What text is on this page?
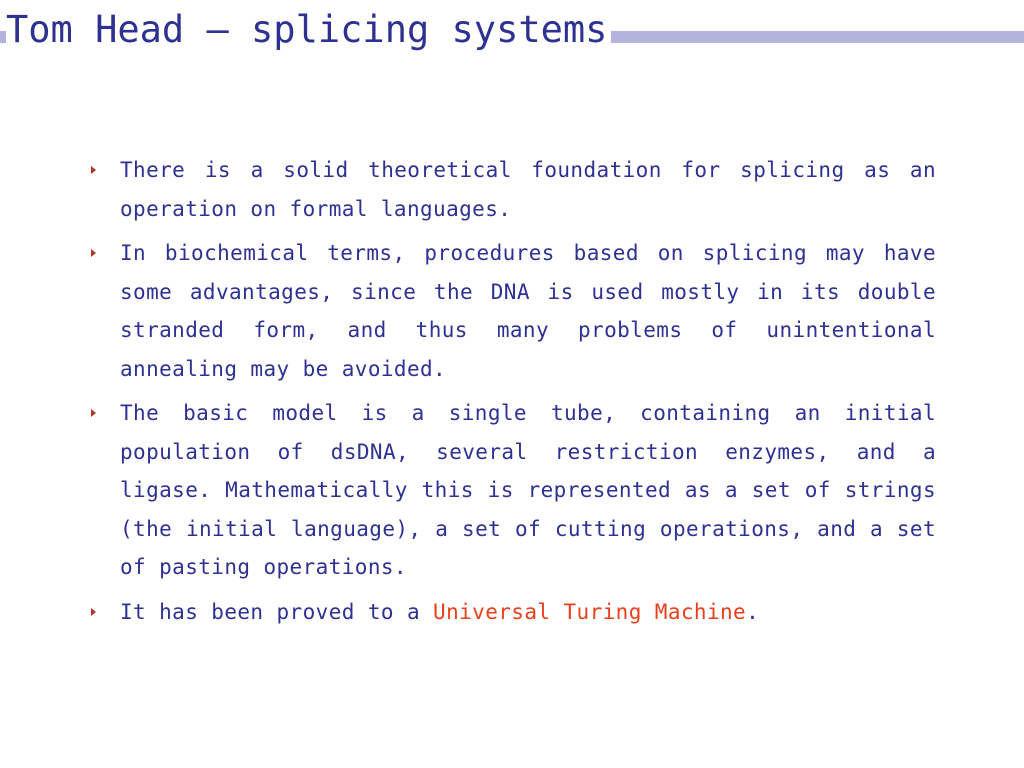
Tom Head – splicing systems
There is a solid theoretical foundation for splicing as an operation on formal languages.
In biochemical terms, procedures based on splicing may have some advantages, since the DNA is used mostly in its double stranded form, and thus many problems of unintentional annealing may be avoided.
The basic model is a single tube, containing an initial population of dsDNA, several restriction enzymes, and a ligase. Mathematically this is represented as a set of strings (the initial language), a set of cutting operations, and a set of pasting operations.
It has been proved to a Universal Turing Machine.
